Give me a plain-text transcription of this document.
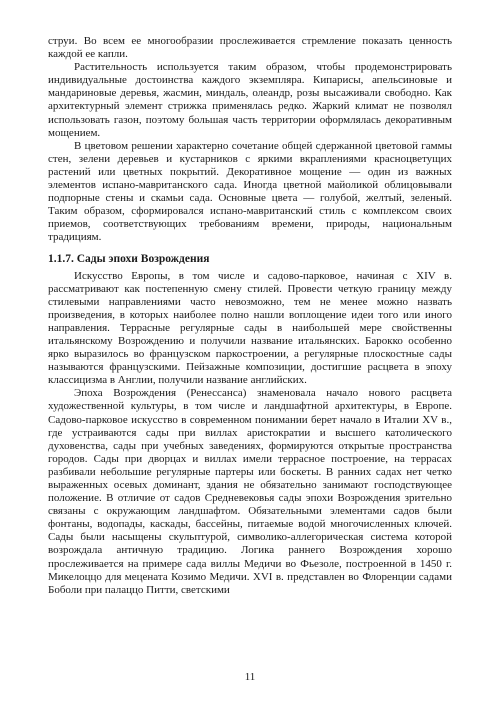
струи. Во всем ее многообразии прослеживается стремление показать ценность каждой ее капли.

Растительность используется таким образом, чтобы продемонстрировать индивидуальные достоинства каждого экземпляра. Кипарисы, апельсиновые и мандариновые деревья, жасмин, миндаль, олеандр, розы высаживали свободно. Как архитектурный элемент стрижка применялась редко. Жаркий климат не позволял использовать газон, поэтому большая часть территории оформлялась декоративным мощением.

В цветовом решении характерно сочетание общей сдержанной цветовой гаммы стен, зелени деревьев и кустарников с яркими вкраплениями красноцветущих растений или цветных покрытий. Декоративное мощение — один из важных элементов испано-мавританского сада. Иногда цветной майоликой облицовывали подпорные стены и скамьи сада. Основные цвета — голубой, желтый, зеленый. Таким образом, сформировался испано-мавританский стиль с комплексом своих приемов, соответствующих требованиям времени, природы, национальным традициям.

1.1.7. Сады эпохи Возрождения

Искусство Европы, в том числе и садово-парковое, начиная с XIV в. рассматривают как постепенную смену стилей. Провести четкую границу между стилевыми направлениями часто невозможно, тем не менее можно назвать произведения, в которых наиболее полно нашли воплощение идеи того или иного направления. Террасные регулярные сады в наибольшей мере свойственны итальянскому Возрождению и получили название итальянских. Барокко особенно ярко выразилось во французском паркостроении, а регулярные плоскостные сады называются французскими. Пейзажные композиции, достигшие расцвета в эпоху классицизма в Англии, получили название английских.

Эпоха Возрождения (Ренессанса) знаменовала начало нового расцвета художественной культуры, в том числе и ландшафтной архитектуры, в Европе. Садово-парковое искусство в современном понимании берет начало в Италии XV в., где устраиваются сады при виллах аристократии и высшего католического духовенства, сады при учебных заведениях, формируются открытые пространства городов. Сады при дворцах и виллах имели террасное построение, на террасах разбивали небольшие регулярные партеры или боскеты. В ранних садах нет четко выраженных осевых доминант, здания не обязательно занимают господствующее положение. В отличие от садов Средневековья сады эпохи Возрождения зрительно связаны с окружающим ландшафтом. Обязательными элементами садов были фонтаны, водопады, каскады, бассейны, питаемые водой многочисленных ключей. Сады были насыщены скульптурой, символико-аллегорическая система которой возрождала античную традицию. Логика раннего Возрождения хорошо прослеживается на примере сада виллы Медичи во Фьезоле, построенной в 1450 г. Микелоццо для мецената Козимо Медичи. XVI в. представлен во Флоренции садами Боболи при палаццо Питти, светскими

11
